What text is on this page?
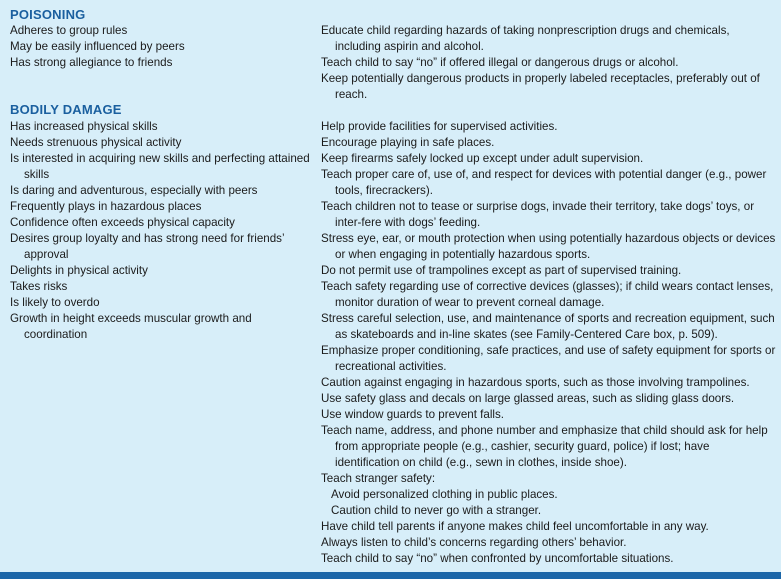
POISONING

Adheres to group rules

May be easily influenced by peers

Has strong allegiance to friends

Educate child regarding hazards of taking nonprescription drugs and chemicals, including aspirin and alcohol.

Teach child to say “no” if offered illegal or dangerous drugs or alcohol.

Keep potentially dangerous products in properly labeled receptacles, preferably out of reach.

BODILY DAMAGE

Has increased physical skills

Needs strenuous physical activity

Is interested in acquiring new skills and perfecting attained skills

Is daring and adventurous, especially with peers

Frequently plays in hazardous places

Confidence often exceeds physical capacity

Desires group loyalty and has strong need for friends’ approval

Delights in physical activity

Takes risks

Is likely to overdo

Growth in height exceeds muscular growth and coordination

Help provide facilities for supervised activities.

Encourage playing in safe places.

Keep firearms safely locked up except under adult supervision.

Teach proper care of, use of, and respect for devices with potential danger (e.g., power tools, firecrackers).

Teach children not to tease or surprise dogs, invade their territory, take dogs’ toys, or inter-fere with dogs’ feeding.

Stress eye, ear, or mouth protection when using potentially hazardous objects or devices or when engaging in potentially hazardous sports.

Do not permit use of trampolines except as part of supervised training.

Teach safety regarding use of corrective devices (glasses); if child wears contact lenses, monitor duration of wear to prevent corneal damage.

Stress careful selection, use, and maintenance of sports and recreation equipment, such as skateboards and in-line skates (see Family-Centered Care box, p. 509).

Emphasize proper conditioning, safe practices, and use of safety equipment for sports or recreational activities.

Caution against engaging in hazardous sports, such as those involving trampolines.

Use safety glass and decals on large glassed areas, such as sliding glass doors.

Use window guards to prevent falls.

Teach name, address, and phone number and emphasize that child should ask for help from appropriate people (e.g., cashier, security guard, police) if lost; have identification on child (e.g., sewn in clothes, inside shoe).

Teach stranger safety:

Avoid personalized clothing in public places.

Caution child to never go with a stranger.

Have child tell parents if anyone makes child feel uncomfortable in any way.

Always listen to child’s concerns regarding others’ behavior.

Teach child to say “no” when confronted by uncomfortable situations.
